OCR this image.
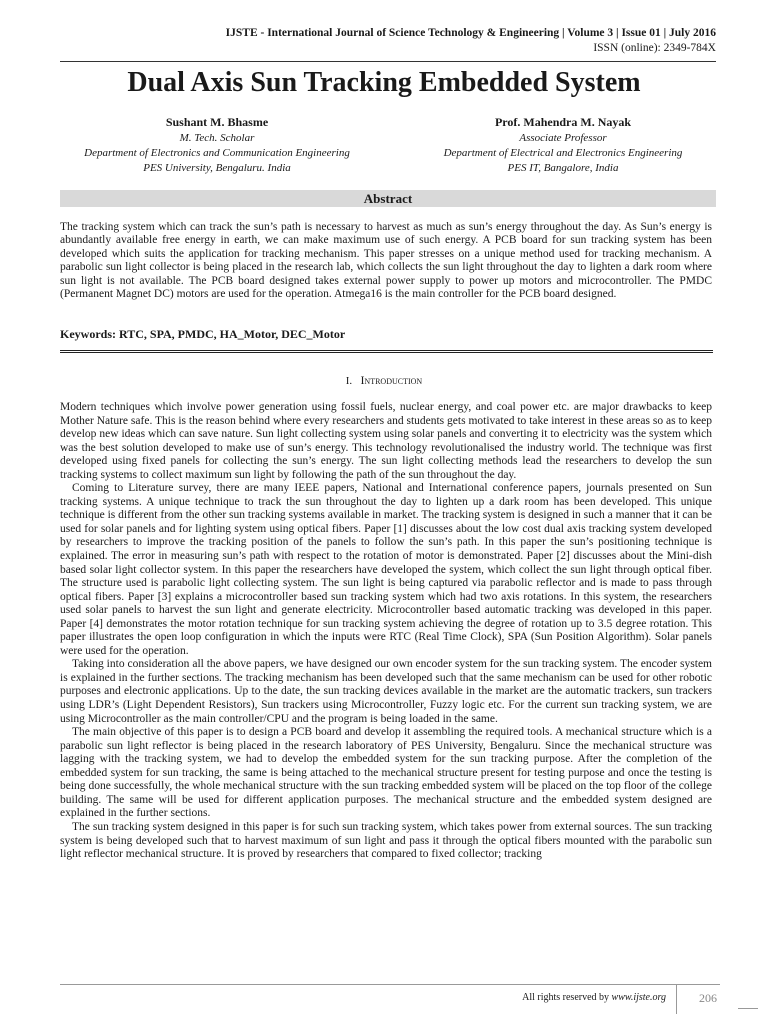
IJSTE - International Journal of Science Technology & Engineering | Volume 3 | Issue 01 | July 2016
ISSN (online): 2349-784X
Dual Axis Sun Tracking Embedded System
Sushant M. Bhasme
M. Tech. Scholar
Department of Electronics and Communication Engineering
PES University, Bengaluru. India
Prof. Mahendra M. Nayak
Associate Professor
Department of Electrical and Electronics Engineering
PES IT, Bangalore, India
Abstract
The tracking system which can track the sun’s path is necessary to harvest as much as sun’s energy throughout the day. As Sun’s energy is abundantly available free energy in earth, we can make maximum use of such energy. A PCB board for sun tracking system has been developed which suits the application for tracking mechanism. This paper stresses on a unique method used for tracking mechanism. A parabolic sun light collector is being placed in the research lab, which collects the sun light throughout the day to lighten a dark room where sun light is not available. The PCB board designed takes external power supply to power up motors and microcontroller. The PMDC (Permanent Magnet DC) motors are used for the operation. Atmega16 is the main controller for the PCB board designed.
Keywords: RTC, SPA, PMDC, HA_Motor, DEC_Motor
I. Introduction

Modern techniques which involve power generation using fossil fuels, nuclear energy, and coal power etc. are major drawbacks to keep Mother Nature safe. This is the reason behind where every researchers and students gets motivated to take interest in these areas so as to keep develop new ideas which can save nature. Sun light collecting system using solar panels and converting it to electricity was the system which was the best solution developed to make use of sun’s energy. This technology revolutionalised the industry world. The technique was first developed using fixed panels for collecting the sun’s energy. The sun light collecting methods lead the researchers to develop the sun tracking systems to collect maximum sun light by following the path of the sun throughout the day.

Coming to Literature survey, there are many IEEE papers, National and International conference papers, journals presented on Sun tracking systems. A unique technique to track the sun throughout the day to lighten up a dark room has been developed. This unique technique is different from the other sun tracking systems available in market. The tracking system is designed in such a manner that it can be used for solar panels and for lighting system using optical fibers. Paper [1] discusses about the low cost dual axis tracking system developed by researchers to improve the tracking position of the panels to follow the sun’s path. In this paper the sun’s positioning technique is explained. The error in measuring sun’s path with respect to the rotation of motor is demonstrated. Paper [2] discusses about the Mini-dish based solar light collector system. In this paper the researchers have developed the system, which collect the sun light through optical fiber. The structure used is parabolic light collecting system. The sun light is being captured via parabolic reflector and is made to pass through optical fibers. Paper [3] explains a microcontroller based sun tracking system which had two axis rotations. In this system, the researchers used solar panels to harvest the sun light and generate electricity. Microcontroller based automatic tracking was developed in this paper. Paper [4] demonstrates the motor rotation technique for sun tracking system achieving the degree of rotation up to 3.5 degree rotation. This paper illustrates the open loop configuration in which the inputs were RTC (Real Time Clock), SPA (Sun Position Algorithm). Solar panels were used for the operation.

Taking into consideration all the above papers, we have designed our own encoder system for the sun tracking system. The encoder system is explained in the further sections. The tracking mechanism has been developed such that the same mechanism can be used for other robotic purposes and electronic applications. Up to the date, the sun tracking devices available in the market are the automatic trackers, sun trackers using LDR’s (Light Dependent Resistors), Sun trackers using Microcontroller, Fuzzy logic etc. For the current sun tracking system, we are using Microcontroller as the main controller/CPU and the program is being loaded in the same.

The main objective of this paper is to design a PCB board and develop it assembling the required tools. A mechanical structure which is a parabolic sun light reflector is being placed in the research laboratory of PES University, Bengaluru. Since the mechanical structure was lagging with the tracking system, we had to develop the embedded system for the sun tracking purpose. After the completion of the embedded system for sun tracking, the same is being attached to the mechanical structure present for testing purpose and once the testing is being done successfully, the whole mechanical structure with the sun tracking embedded system will be placed on the top floor of the college building. The same will be used for different application purposes. The mechanical structure and the embedded system designed are explained in the further sections.

The sun tracking system designed in this paper is for such sun tracking system, which takes power from external sources. The sun tracking system is being developed such that to harvest maximum of sun light and pass it through the optical fibers mounted with the parabolic sun light reflector mechanical structure. It is proved by researchers that compared to fixed collector; tracking

All rights reserved by www.ijste.org	206
